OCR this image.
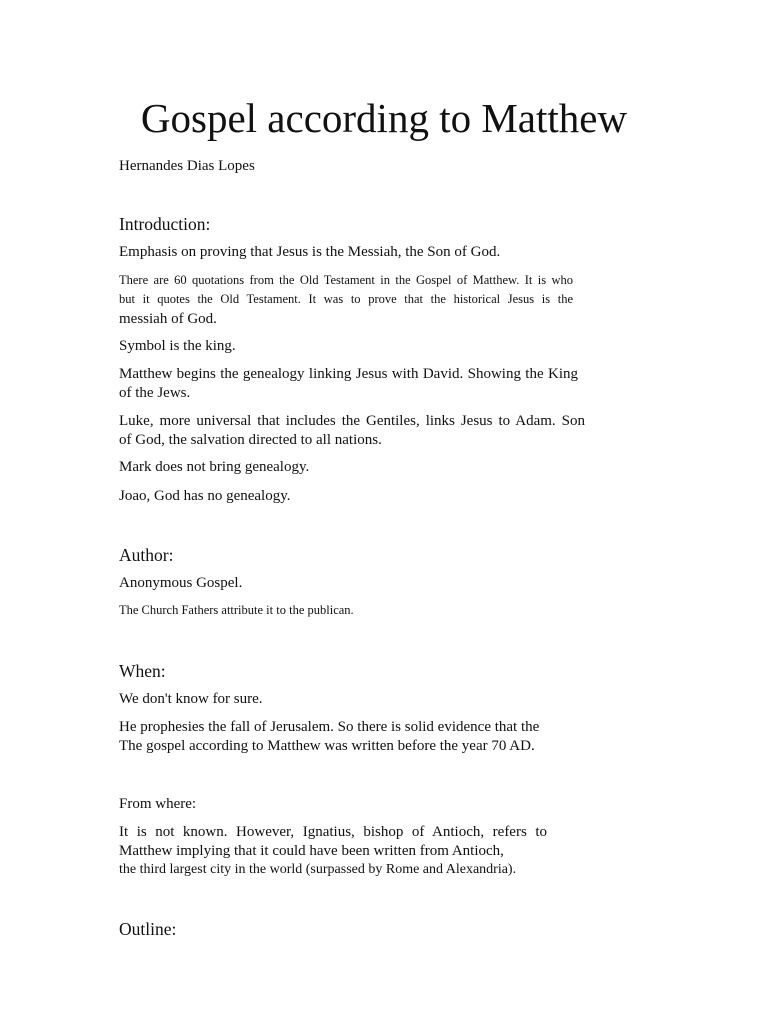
Gospel according to Matthew

Hernandes Dias Lopes

Introduction:

Emphasis on proving that Jesus is the Messiah, the Son of God.

There are 60 quotations from the Old Testament in the Gospel of Matthew. It is who

but it quotes the Old Testament. It was to prove that the historical Jesus is the

messiah of God.

Symbol is the king.

Matthew begins the genealogy linking Jesus with David. Showing the King

of the Jews.

Luke, more universal that includes the Gentiles, links Jesus to Adam. Son

of God, the salvation directed to all nations.

Mark does not bring genealogy.

Joao, God has no genealogy.

Author:

Anonymous Gospel.

The Church Fathers attribute it to the publican.

When:

We don't know for sure.

He prophesies the fall of Jerusalem. So there is solid evidence that the

The gospel according to Matthew was written before the year 70 AD.

From where:

It is not known. However, Ignatius, bishop of Antioch, refers to

Matthew implying that it could have been written from Antioch,

the third largest city in the world (surpassed by Rome and Alexandria).

Outline:
